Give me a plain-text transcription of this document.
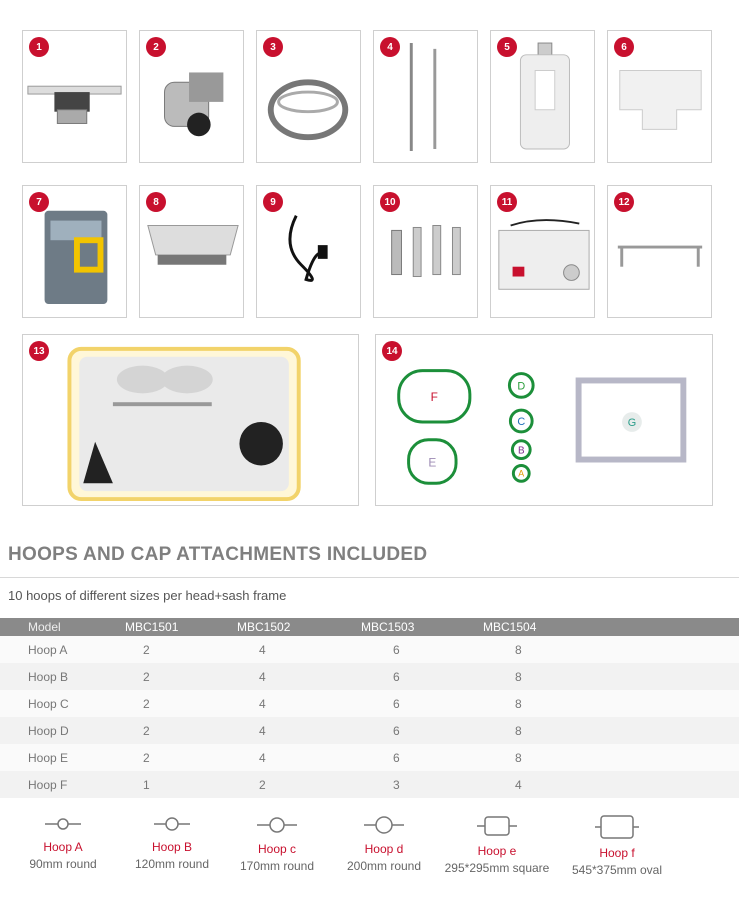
1	2	3	4	5	6
7	8	9	10	11	12
13
F
E
D
C
B
A
G
14
HOOPS AND CAP ATTACHMENTS INCLUDED
10 hoops of different sizes per head+sash frame
Model	MBC1501	MBC1502	MBC1503	MBC1504
Hoop A	2	4	6	8
Hoop B	2	4	6	8
Hoop C	2	4	6	8
Hoop D	2	4	6	8
Hoop E	2	4	6	8
Hoop F	1	2	3	4
Hoop A
90mm round
Hoop B
120mm round
Hoop c
170mm round
Hoop d
200mm round
Hoop e
295*295mm square
Hoop f
545*375mm oval
